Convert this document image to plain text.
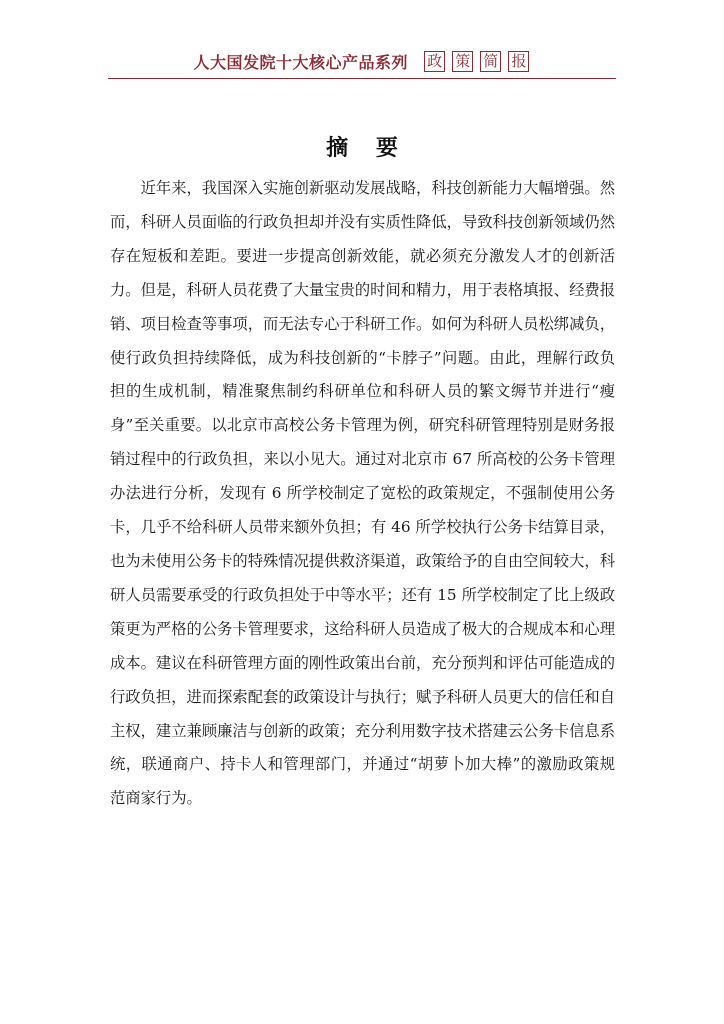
人大国发院十大核心产品系列 政 策 简 报
摘 要

近年来，我国深入实施创新驱动发展战略，科技创新能力大幅增强。然而，科研人员面临的行政负担却并没有实质性降低，导致科技创新领域仍然存在短板和差距。要进一步提高创新效能，就必须充分激发人才的创新活力。但是，科研人员花费了大量宝贵的时间和精力，用于表格填报、经费报销、项目检查等事项，而无法专心于科研工作。如何为科研人员松绑减负，使行政负担持续降低，成为科技创新的“卡脖子”问题。由此，理解行政负担的生成机制，精准聚焦制约科研单位和科研人员的繁文缛节并进行“瘦身”至关重要。以北京市高校公务卡管理为例，研究科研管理特别是财务报销过程中的行政负担，来以小见大。通过对北京市 67 所高校的公务卡管理办法进行分析，发现有 6 所学校制定了宽松的政策规定，不强制使用公务卡，几乎不给科研人员带来额外负担；有 46 所学校执行公务卡结算目录，也为未使用公务卡的特殊情况提供救济渠道，政策给予的自由空间较大，科研人员需要承受的行政负担处于中等水平；还有 15 所学校制定了比上级政策更为严格的公务卡管理要求，这给科研人员造成了极大的合规成本和心理成本。建议在科研管理方面的刚性政策出台前，充分预判和评估可能造成的行政负担，进而探索配套的政策设计与执行；赋予科研人员更大的信任和自主权，建立兼顾廉洁与创新的政策；充分利用数字技术搭建云公务卡信息系统，联通商户、持卡人和管理部门，并通过“胡萝卜加大棒”的激励政策规范商家行为。
